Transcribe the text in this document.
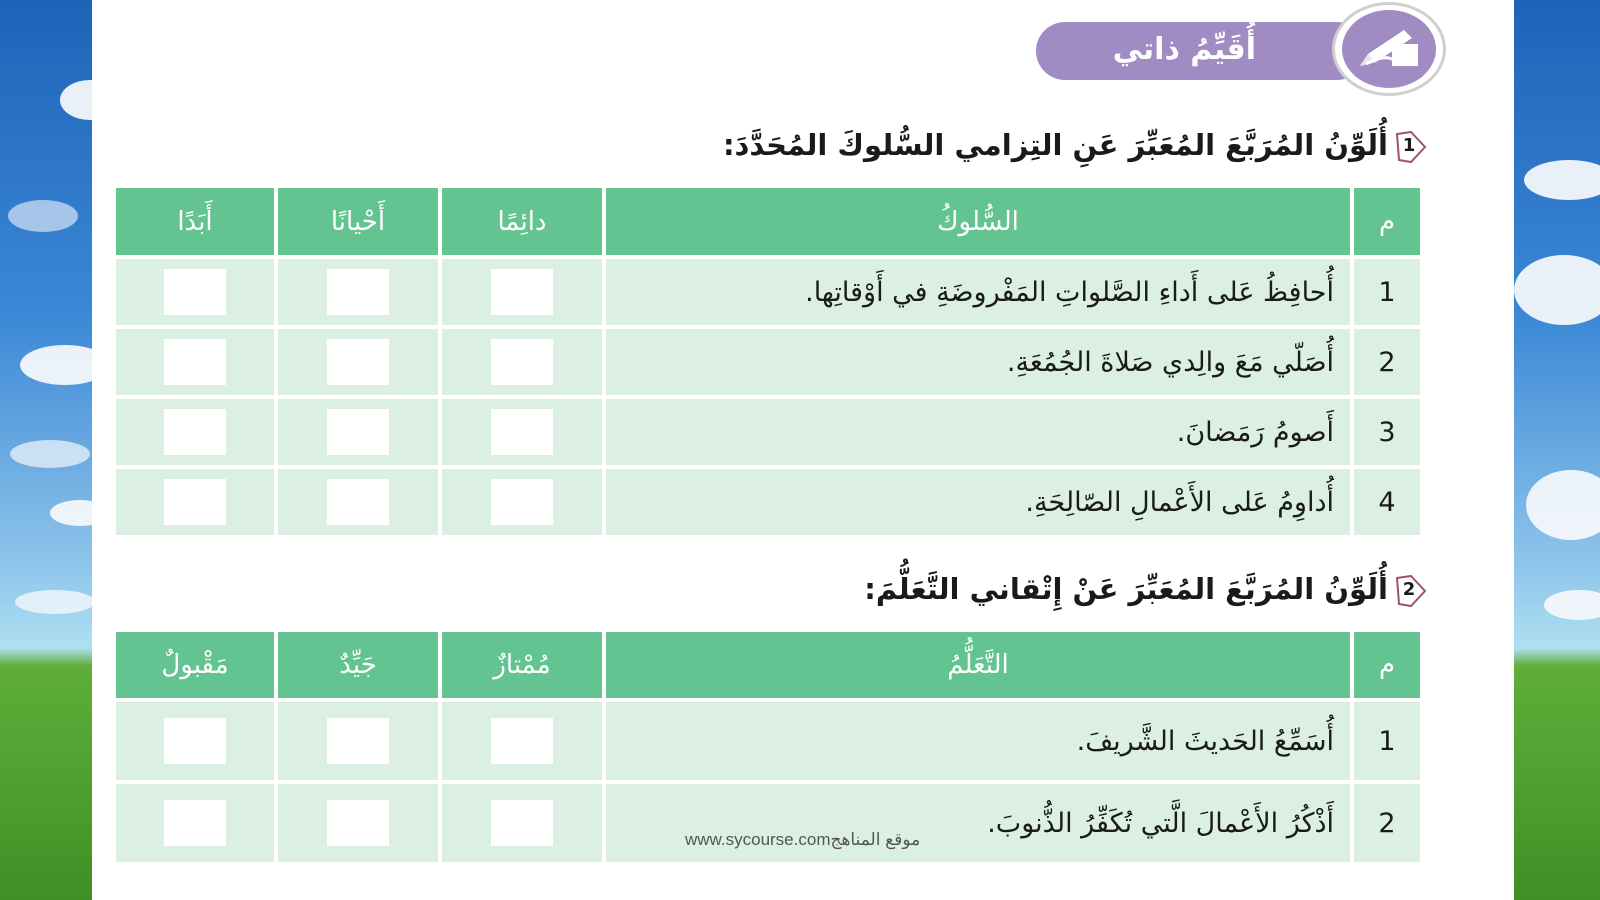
أُقَيِّمُ ذاتي
1
أُلَوِّنُ المُرَبَّعَ المُعَبِّرَ عَنِ التِزامي السُّلوكَ المُحَدَّدَ:
أَبَدًا	أَحْيانًا	دائِمًا	السُّلوكُ	م
			أُحافِظُ عَلى أَداءِ الصَّلواتِ المَفْروضَةِ في أَوْقاتِها.	1
			أُصَلّي مَعَ والِدي صَلاةَ الجُمُعَةِ.	2
			أَصومُ رَمَضانَ.	3
			أُداوِمُ عَلى الأَعْمالِ الصّالِحَةِ.	4
2
أُلَوِّنُ المُرَبَّعَ المُعَبِّرَ عَنْ إِتْقاني التَّعَلُّمَ:
مَقْبولٌ	جَيِّدٌ	مُمْتازٌ	التَّعَلُّمُ	م
			أُسَمِّعُ الحَديثَ الشَّريفَ.	1
			أَذْكُرُ الأَعْمالَ الَّتي تُكَفِّرُ الذُّنوبَ.	2
www.sycourse.comموقع المناهج
